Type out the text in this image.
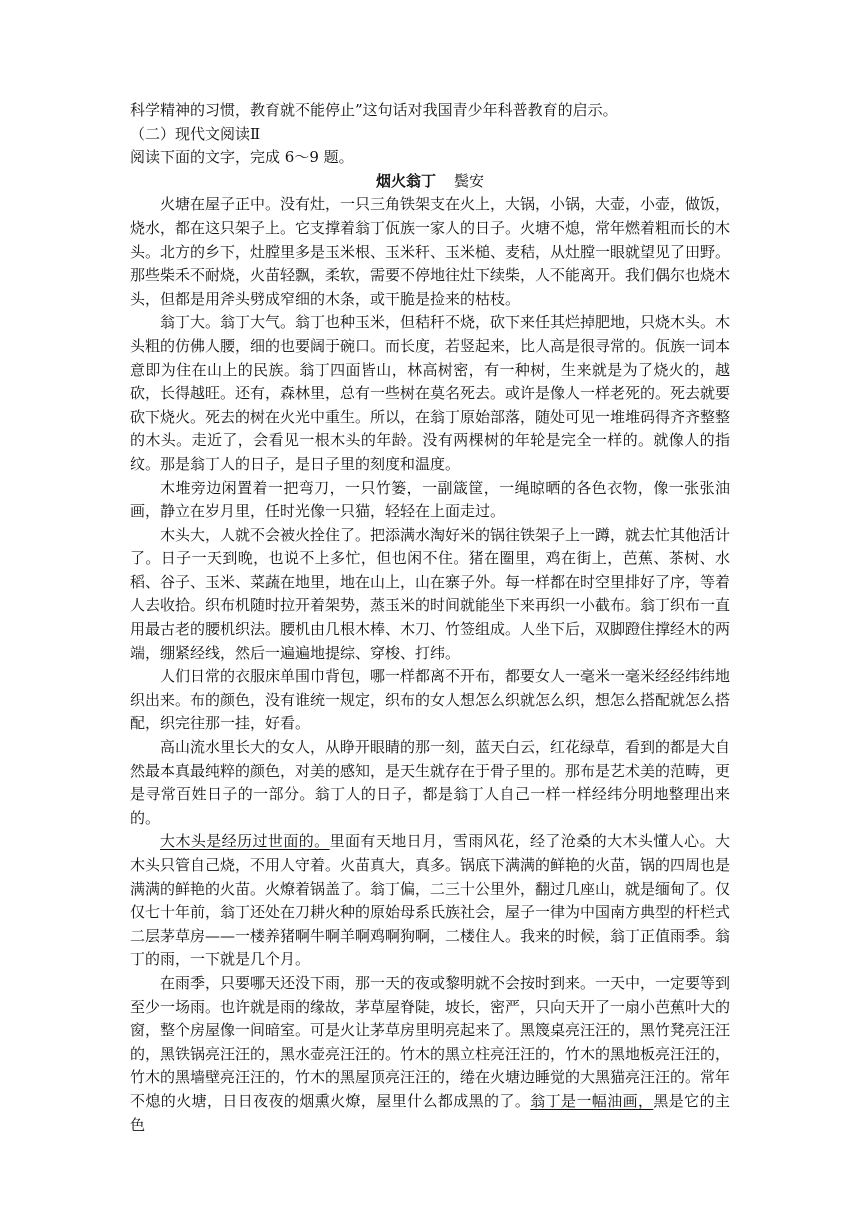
科学精神的习惯，教育就不能停止”这句话对我国青少年科普教育的启示。
（二）现代文阅读Ⅱ
阅读下面的文字，完成 6～9 题。
烟火翁丁 鬓安

火塘在屋子正中。没有灶，一只三角铁架支在火上，大锅，小锅，大壶，小壶，做饭，烧水，都在这只架子上。它支撑着翁丁佤族一家人的日子。火塘不熄，常年燃着粗而长的木头。北方的乡下，灶膛里多是玉米根、玉米秆、玉米槌、麦秸，从灶膛一眼就望见了田野。那些柴禾不耐烧，火苗轻飘，柔软，需要不停地往灶下续柴，人不能离开。我们偶尔也烧木头，但都是用斧头劈成窄细的木条，或干脆是捡来的枯枝。

翁丁大。翁丁大气。翁丁也种玉米，但秸秆不烧，砍下来任其烂掉肥地，只烧木头。木头粗的仿佛人腰，细的也要阔于碗口。而长度，若竖起来，比人高是很寻常的。佤族一词本意即为住在山上的民族。翁丁四面皆山，林高树密，有一种树，生来就是为了烧火的，越砍，长得越旺。还有，森林里，总有一些树在莫名死去。或许是像人一样老死的。死去就要砍下烧火。死去的树在火光中重生。所以，在翁丁原始部落，随处可见一堆堆码得齐齐整整的木头。走近了，会看见一根木头的年龄。没有两棵树的年轮是完全一样的。就像人的指纹。那是翁丁人的日子，是日子里的刻度和温度。

木堆旁边闲置着一把弯刀，一只竹篓，一副箴筐，一绳晾晒的各色衣物，像一张张油画，静立在岁月里，任时光像一只猫，轻轻在上面走过。

木头大，人就不会被火拴住了。把添满水淘好米的锅往铁架子上一蹲，就去忙其他活计了。日子一天到晚，也说不上多忙，但也闲不住。猪在圈里，鸡在街上，芭蕉、茶树、水稻、谷子、玉米、菜蔬在地里，地在山上，山在寨子外。每一样都在时空里排好了序，等着人去收拾。织布机随时拉开着架势，蒸玉米的时间就能坐下来再织一小截布。翁丁织布一直用最古老的腰机织法。腰机由几根木棒、木刀、竹签组成。人坐下后，双脚蹬住撑经木的两端，绷紧经线，然后一遍遍地提综、穿梭、打纬。

人们日常的衣服床单围巾背包，哪一样都离不开布，都要女人一毫米一毫米经经纬纬地织出来。布的颜色，没有谁统一规定，织布的女人想怎么织就怎么织，想怎么搭配就怎么搭配，织完往那一挂，好看。

高山流水里长大的女人，从睁开眼睛的那一刻，蓝天白云，红花绿草，看到的都是大自然最本真最纯粹的颜色，对美的感知，是天生就存在于骨子里的。那布是艺术美的范畴，更是寻常百姓日子的一部分。翁丁人的日子，都是翁丁人自己一样一样经纬分明地整理出来的。

大木头是经历过世面的。里面有天地日月，雪雨风花，经了沧桑的大木头懂人心。大木头只管自己烧，不用人守着。火苗真大，真多。锅底下满满的鲜艳的火苗，锅的四周也是满满的鲜艳的火苗。火燎着锅盖了。翁丁偏，二三十公里外，翻过几座山，就是缅甸了。仅仅七十年前，翁丁还处在刀耕火种的原始母系氏族社会，屋子一律为中国南方典型的杆栏式二层茅草房——一楼养猪啊牛啊羊啊鸡啊狗啊，二楼住人。我来的时候，翁丁正值雨季。翁丁的雨，一下就是几个月。

在雨季，只要哪天还没下雨，那一天的夜或黎明就不会按时到来。一天中，一定要等到至少一场雨。也许就是雨的缘故，茅草屋脊陡，坡长，密严，只向天开了一扇小芭蕉叶大的窗，整个房屋像一间暗室。可是火让茅草房里明亮起来了。黑篾桌亮汪汪的，黑竹凳亮汪汪的，黑铁锅亮汪汪的，黑水壶亮汪汪的。竹木的黑立柱亮汪汪的，竹木的黑地板亮汪汪的，竹木的黑墙壁亮汪汪的，竹木的黑屋顶亮汪汪的，绻在火塘边睡觉的大黑猫亮汪汪的。常年不熄的火塘，日日夜夜的烟熏火燎，屋里什么都成黑的了。翁丁是一幅油画，黑是它的主色
